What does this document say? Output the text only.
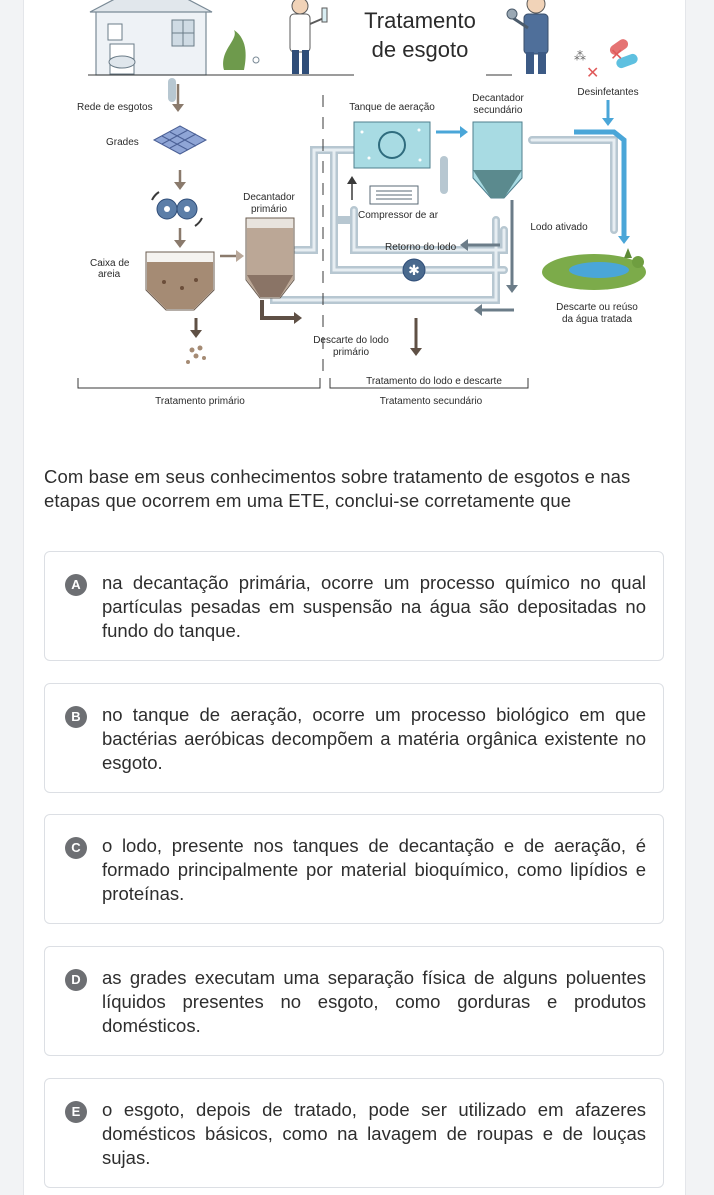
Tratamento
de esgoto	✕
✕
⁂
Rede de esgotos
Grades
Caixa de
areia
Decantador
primário
Descarte do lodo
primário
Tanque de aeração
Compressor de ar
Retorno do lodo
✱
Decantador
secundário
Desinfetantes
Lodo ativado
Descarte ou reúso
da água tratada
Tratamento do lodo e descarte
Tratamento primário	Tratamento secundário
Com base em seus conhecimentos sobre tratamento de esgotos e nas etapas que ocorrem em uma ETE, conclui-se corretamente que
A	na decantação primária, ocorre um processo químico no qual partículas pesadas em suspensão na água são depositadas no fundo do tanque.
B	no tanque de aeração, ocorre um processo biológico em que bactérias aeróbicas decompõem a matéria orgânica existente no esgoto.
C	o lodo, presente nos tanques de decantação e de aeração, é formado principalmente por material bioquímico, como lipídios e proteínas.
D	as grades executam uma separação física de alguns poluentes líquidos presentes no esgoto, como gorduras e produtos domésticos.
E	o esgoto, depois de tratado, pode ser utilizado em afazeres domésticos básicos, como na lavagem de roupas e de louças sujas.
